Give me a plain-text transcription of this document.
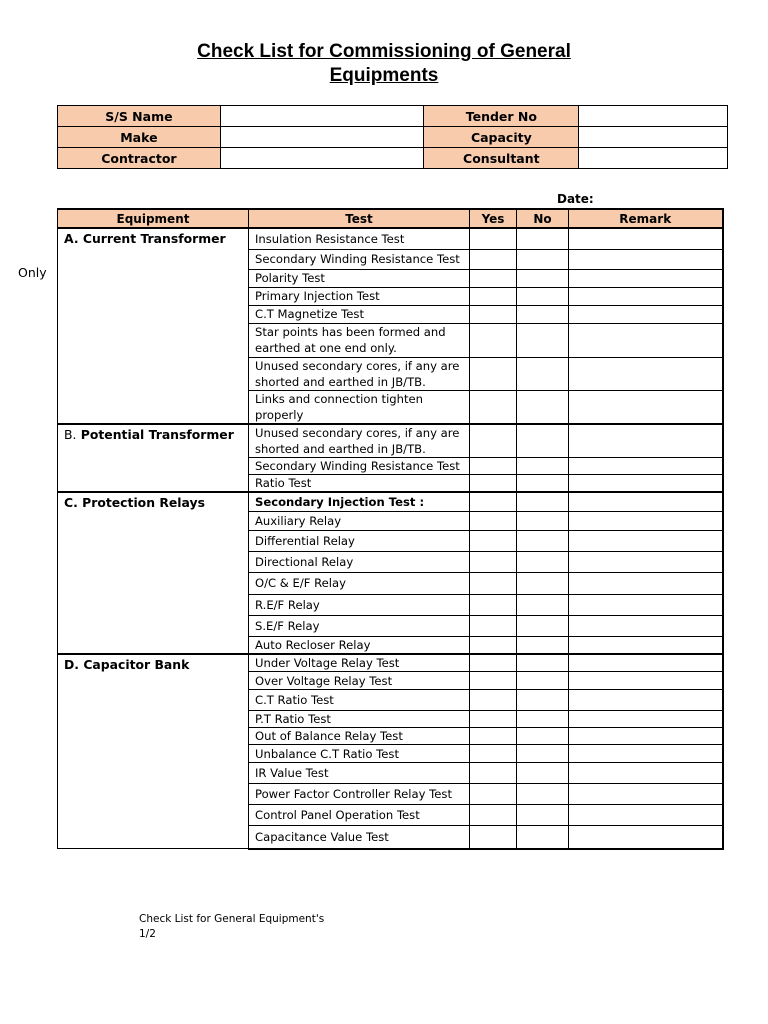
Check List for Commissioning of General
Equipments
S/S Name		Tender No	
Make		Capacity	
Contractor		Consultant	
Date:
Only
Equipment	Test	Yes	No	Remark
A. Current Transformer	Insulation Resistance Test			
	Secondary Winding Resistance Test			
	Polarity Test			
	Primary Injection Test			
	C.T Magnetize Test			
	Star points has been formed and earthed at one end only.			
	Unused secondary cores, if any are shorted and earthed in JB/TB.			
	Links and connection tighten properly			
B. Potential Transformer	Unused secondary cores, if any are shorted and earthed in JB/TB.			
	Secondary Winding Resistance Test			
	Ratio Test			
C. Protection Relays	Secondary Injection Test :			
	Auxiliary Relay			
	Differential Relay			
	Directional Relay			
	O/C & E/F Relay			
	R.E/F Relay			
	S.E/F Relay			
	Auto Recloser Relay			
D. Capacitor Bank	Under Voltage Relay Test			
	Over Voltage Relay Test			
	C.T Ratio Test			
	P.T Ratio Test			
	Out of Balance Relay Test			
	Unbalance C.T Ratio Test			
	IR Value Test			
	Power Factor Controller Relay Test			
	Control Panel Operation Test			
	Capacitance Value Test			
Check List for General Equipment's
1/2
